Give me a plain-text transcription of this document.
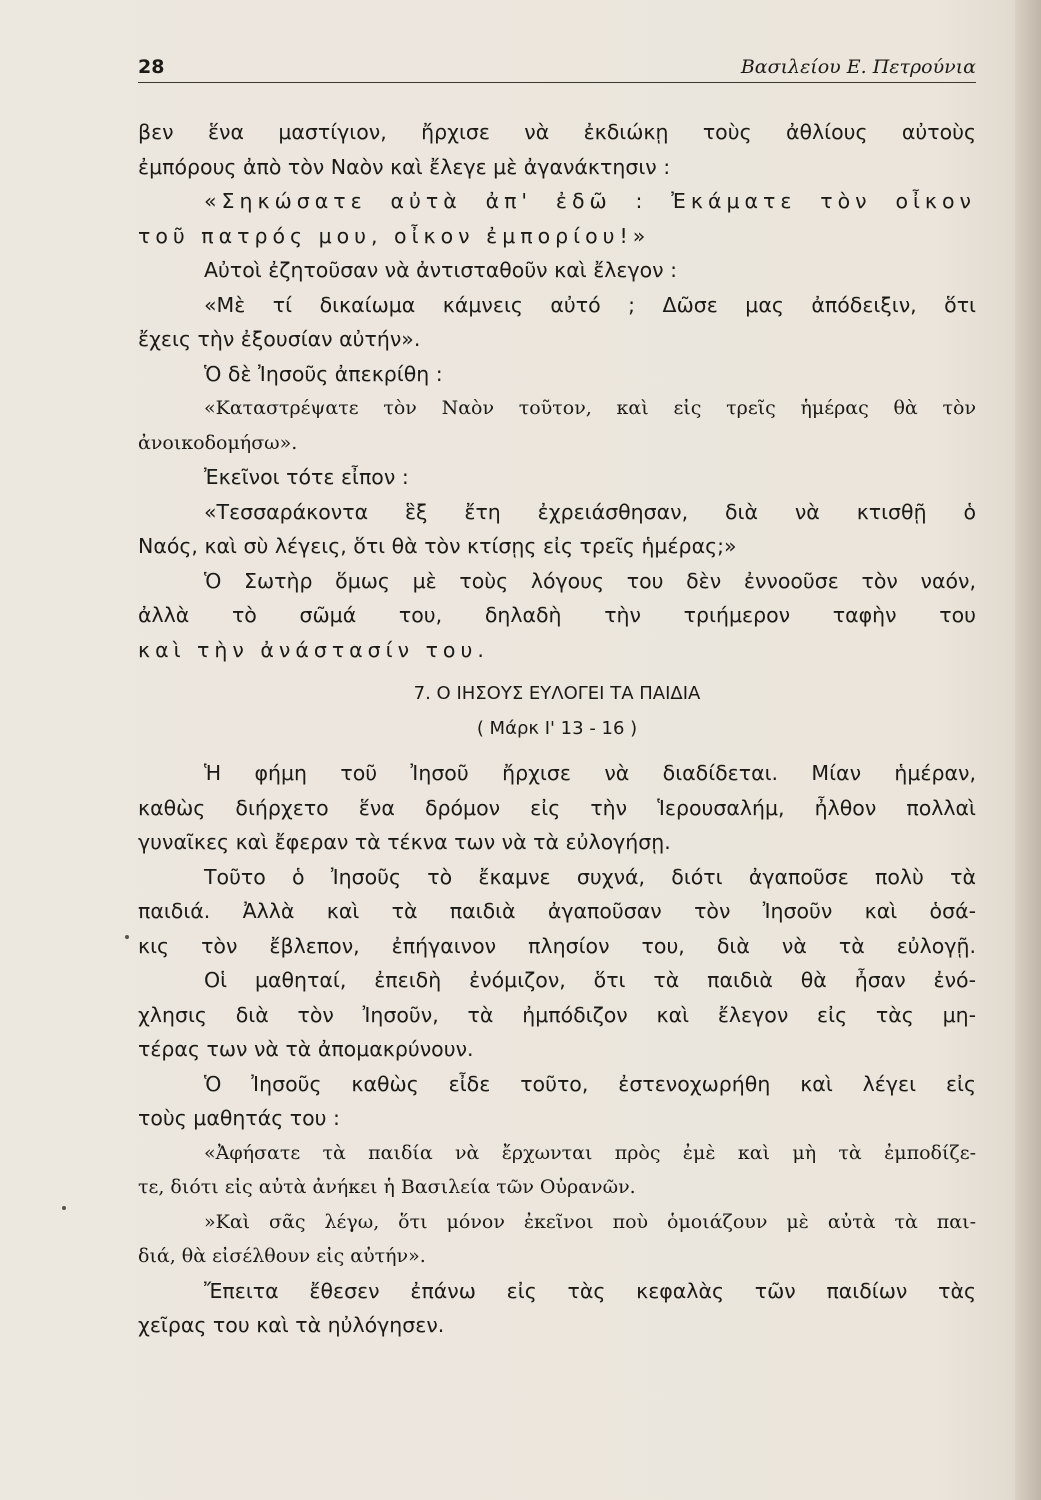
28	Βασιλείου Ε. Πετρούνια
βεν ἕνα μαστίγιον, ἤρχισε νὰ ἐκδιώκῃ τοὺς ἀθλίους αὐτοὺς
ἐμπόρους ἀπὸ τὸν Ναὸν καὶ ἔλεγε μὲ ἀγανάκτησιν :
«Σηκώσατε αὐτὰ ἀπ' ἐδῶ : Ἐκάματε τὸν οἶκον
τοῦ πατρός μου, οἶκον ἐμπορίου!»
Αὐτοὶ ἐζητοῦσαν νὰ ἀντισταθοῦν καὶ ἔλεγον :
«Μὲ τί δικαίωμα κάμνεις αὐτό ; Δῶσε μας ἀπόδειξιν, ὅτι
ἔχεις τὴν ἐξουσίαν αὐτήν».
Ὁ δὲ Ἰησοῦς ἀπεκρίθη :
«Καταστρέψατε τὸν Ναὸν τοῦτον, καὶ εἰς τρεῖς ἡμέρας θὰ τὸν
ἀνοικοδομήσω».
Ἐκεῖνοι τότε εἶπον :
«Τεσσαράκοντα ἓξ ἔτη ἐχρειάσθησαν, διὰ νὰ κτισθῇ ὁ
Ναός, καὶ σὺ λέγεις, ὅτι θὰ τὸν κτίσῃς εἰς τρεῖς ἡμέρας;»
Ὁ Σωτὴρ ὅμως μὲ τοὺς λόγους του δὲν ἐννοοῦσε τὸν ναόν,
ἀλλὰ τὸ σῶμά του, δηλαδὴ τὴν τριήμερον ταφὴν του
καὶ τὴν ἀνάστασίν του.
7. Ο ΙΗΣΟΥΣ ΕΥΛΟΓΕΙ ΤΑ ΠΑΙΔΙΑ
( Μάρκ Ι' 13 - 16 )
Ἡ φήμη τοῦ Ἰησοῦ ἤρχισε νὰ διαδίδεται. Μίαν ἡμέραν,
καθὼς διήρχετο ἕνα δρόμον εἰς τὴν Ἱερουσαλήμ, ἦλθον πολλαὶ
γυναῖκες καὶ ἔφεραν τὰ τέκνα των νὰ τὰ εὐλογήσῃ.
Τοῦτο ὁ Ἰησοῦς τὸ ἔκαμνε συχνά, διότι ἀγαποῦσε πολὺ τὰ
παιδιά. Ἀλλὰ καὶ τὰ παιδιὰ ἀγαποῦσαν τὸν Ἰησοῦν καὶ ὁσά-
κις τὸν ἔβλεπον, ἐπήγαινον πλησίον του, διὰ νὰ τὰ εὐλογῇ.
Οἱ μαθηταί, ἐπειδὴ ἐνόμιζον, ὅτι τὰ παιδιὰ θὰ ἦσαν ἐνό-
χλησις διὰ τὸν Ἰησοῦν, τὰ ἠμπόδιζον καὶ ἔλεγον εἰς τὰς μη-
τέρας των νὰ τὰ ἀπομακρύνουν.
Ὁ Ἰησοῦς καθὼς εἶδε τοῦτο, ἐστενοχωρήθη καὶ λέγει εἰς
τοὺς μαθητάς του :
«Ἀφήσατε τὰ παιδία νὰ ἔρχωνται πρὸς ἐμὲ καὶ μὴ τὰ ἐμποδίζε-
τε, διότι εἰς αὐτὰ ἀνήκει ἡ Βασιλεία τῶν Οὐρανῶν.
»Καὶ σᾶς λέγω, ὅτι μόνον ἐκεῖνοι ποὺ ὁμοιάζουν μὲ αὐτὰ τὰ παι-
διά, θὰ εἰσέλθουν εἰς αὐτήν».
Ἔπειτα ἔθεσεν ἐπάνω εἰς τὰς κεφαλὰς τῶν παιδίων τὰς
χεῖρας του καὶ τὰ ηὐλόγησεν.
